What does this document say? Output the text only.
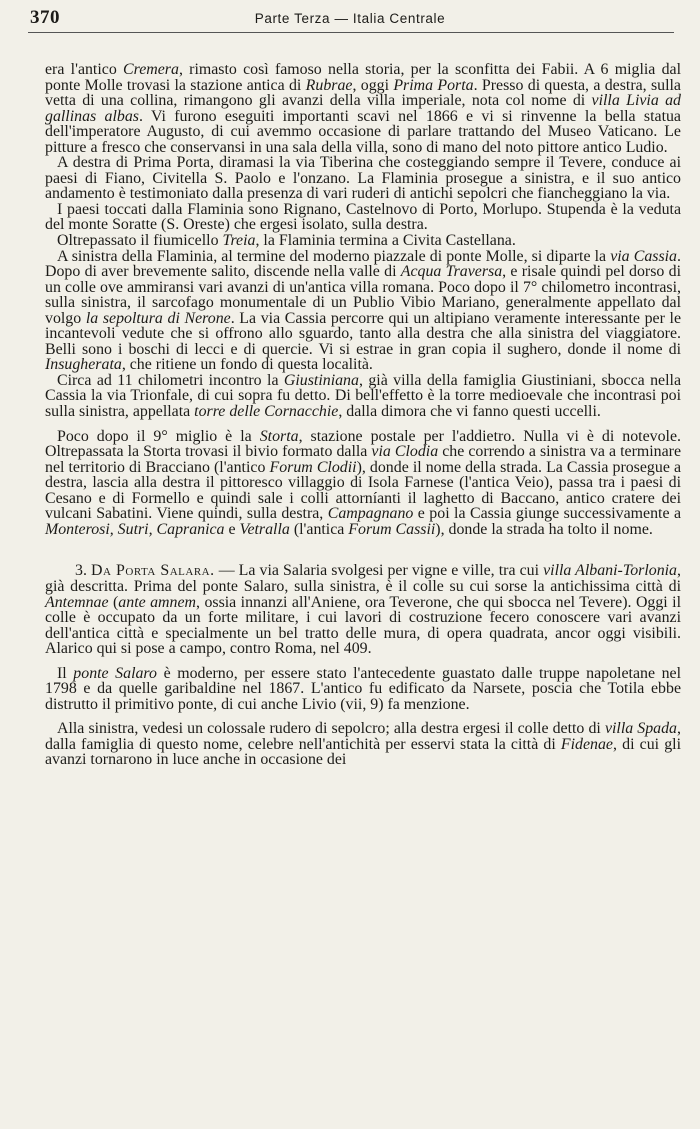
370	Parte Terza — Italia Centrale

era l'antico Cremera, rimasto così famoso nella storia, per la sconfitta dei Fabii. A 6 miglia dal ponte Molle trovasi la stazione antica di Rubrae, oggi Prima Porta. Presso di questa, a destra, sulla vetta di una collina, rimangono gli avanzi della villa imperiale, nota col nome di villa Livia ad gallinas albas. Vi furono eseguiti importanti scavi nel 1866 e vi si rinvenne la bella statua dell'imperatore Augusto, di cui avemmo occasione di parlare trattando del Museo Vaticano. Le pitture a fresco che conservansi in una sala della villa, sono di mano del noto pittore antico Ludio.

A destra di Prima Porta, diramasi la via Tiberina che costeggiando sempre il Tevere, conduce ai paesi di Fiano, Civitella S. Paolo e l'onzano. La Flaminia prosegue a sinistra, e il suo antico andamento è testimoniato dalla presenza di vari ruderi di antichi sepolcri che fiancheggiano la via.

I paesi toccati dalla Flaminia sono Rignano, Castelnovo di Porto, Morlupo. Stupenda è la veduta del monte Soratte (S. Oreste) che ergesi isolato, sulla destra.

Oltrepassato il fiumicello Treia, la Flaminia termina a Civita Castellana.

A sinistra della Flaminia, al termine del moderno piazzale di ponte Molle, si diparte la via Cassia. Dopo di aver brevemente salito, discende nella valle di Acqua Traversa, e risale quindi pel dorso di un colle ove ammiransi vari avanzi di un'antica villa romana. Poco dopo il 7° chilometro incontrasi, sulla sinistra, il sarcofago monumentale di un Publio Vibio Mariano, generalmente appellato dal volgo la sepoltura di Nerone. La via Cassia percorre qui un altipiano veramente interessante per le incantevoli vedute che si offrono allo sguardo, tanto alla destra che alla sinistra del viaggiatore. Belli sono i boschi di lecci e di quercie. Vi si estrae in gran copia il sughero, donde il nome di Insugherata, che ritiene un fondo di questa località.

Circa ad 11 chilometri incontro la Giustiniana, già villa della famiglia Giustiniani, sbocca nella Cassia la via Trionfale, di cui sopra fu detto. Di bell'effetto è la torre medioevale che incontrasi poi sulla sinistra, appellata torre delle Cornacchie, dalla dimora che vi fanno questi uccelli.

Poco dopo il 9° miglio è la Storta, stazione postale per l'addietro. Nulla vi è di notevole. Oltrepassata la Storta trovasi il bivio formato dalla via Clodia che correndo a sinistra va a terminare nel territorio di Bracciano (l'antico Forum Clodii), donde il nome della strada. La Cassia prosegue a destra, lascia alla destra il pittoresco villaggio di Isola Farnese (l'antica Veio), passa tra i paesi di Cesano e di Formello e quindi sale i colli attorníanti il laghetto di Baccano, antico cratere dei vulcani Sabatini. Viene quindi, sulla destra, Campagnano e poi la Cassia giunge successivamente a Monterosi, Sutri, Capranica e Vetralla (l'antica Forum Cassii), donde la strada ha tolto il nome.

3. Da Porta Salara. — La via Salaria svolgesi per vigne e ville, tra cui villa Albani-Torlonia, già descritta. Prima del ponte Salaro, sulla sinistra, è il colle su cui sorse la antichissima città di Antemnae (ante amnem, ossia innanzi all'Aniene, ora Teverone, che qui sbocca nel Tevere). Oggi il colle è occupato da un forte militare, i cui lavori di costruzione fecero conoscere vari avanzi dell'antica città e specialmente un bel tratto delle mura, di opera quadrata, ancor oggi visibili. Alarico qui si pose a campo, contro Roma, nel 409.

Il ponte Salaro è moderno, per essere stato l'antecedente guastato dalle truppe napoletane nel 1798 e da quelle garibaldine nel 1867. L'antico fu edificato da Narsete, poscia che Totila ebbe distrutto il primitivo ponte, di cui anche Livio (vii, 9) fa menzione.

Alla sinistra, vedesi un colossale rudero di sepolcro; alla destra ergesi il colle detto di villa Spada, dalla famiglia di questo nome, celebre nell'antichità per esservi stata la città di Fidenae, di cui gli avanzi tornarono in luce anche in occasione dei
